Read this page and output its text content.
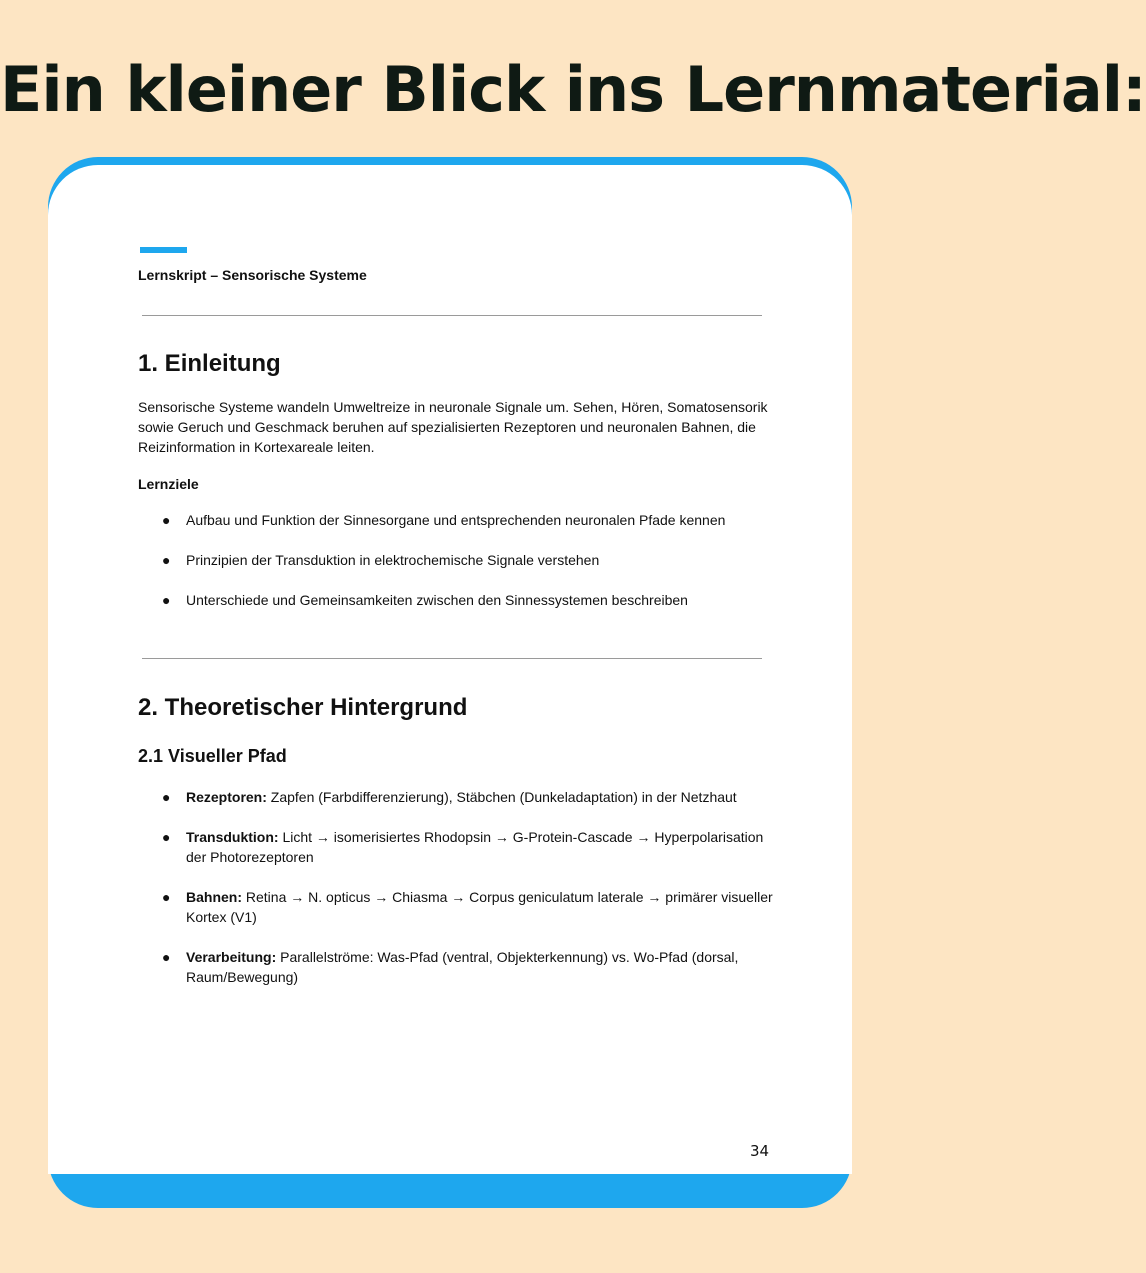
Ein kleiner Blick ins Lernmaterial:
Lernskript – Sensorische Systeme
1. Einleitung

Sensorische Systeme wandeln Umweltreize in neuronale Signale um. Sehen, Hören, Somatosensorik sowie Geruch und Geschmack beruhen auf spezialisierten Rezeptoren und neuronalen Bahnen, die Reizinformation in Kortexareale leiten.

Lernziele
● Aufbau und Funktion der Sinnesorgane und entsprechenden neuronalen Pfade kennen
● Prinzipien der Transduktion in elektrochemische Signale verstehen
● Unterschiede und Gemeinsamkeiten zwischen den Sinnessystemen beschreiben
2. Theoretischer Hintergrund
2.1 Visueller Pfad
● Rezeptoren: Zapfen (Farbdifferenzierung), Stäbchen (Dunkeladaptation) in der Netzhaut
● Transduktion: Licht → isomerisiertes Rhodopsin → G-Protein-Cascade → Hyperpolarisation der Photorezeptoren
● Bahnen: Retina → N. opticus → Chiasma → Corpus geniculatum laterale → primärer visueller Kortex (V1)
● Verarbeitung: Parallelströme: Was-Pfad (ventral, Objekterkennung) vs. Wo-Pfad (dorsal, Raum/Bewegung)
34
